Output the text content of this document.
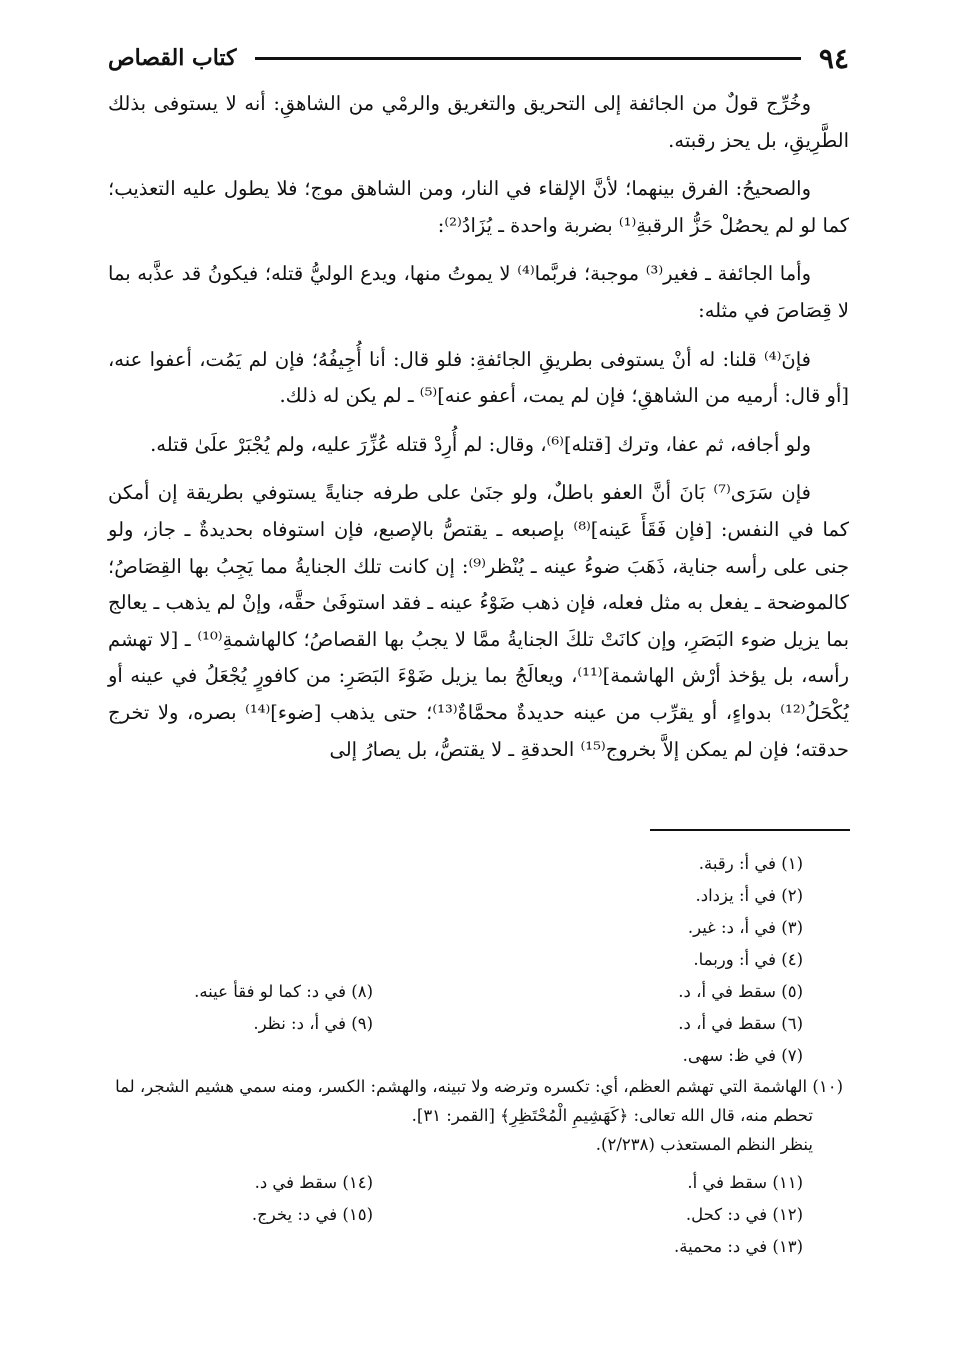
٩٤
كتاب القصاص

وخُرِّج قولٌ من الجائفة إلى التحريق والتغريق والرمْي من الشاهقِ: أنه لا يستوفى بذلك الطَّرِيقِ، بل يحز رقبته.

والصحيحُ: الفرق بينهما؛ لأنَّ الإلقاء في النار، ومن الشاهق موج؛ فلا يطول عليه التعذيب؛ كما لو لم يحصُلْ حَزُّ الرقبةِ⁽¹⁾ بضربة واحدة ـ يُزَادُ⁽²⁾:

وأما الجائفة ـ فغير⁽³⁾ موجبة؛ فربَّما⁽⁴⁾ لا يموتُ منها، ويدع الوليُّ قتله؛ فيكونُ قد عذَّبه بما لا قِصَاصَ في مثله:

فإنَ⁽⁴⁾ قلنا: له أنْ يستوفى بطريقِ الجائفةِ: فلو قال: أنا أُجِيفُهُ؛ فإن لم يَمُت، أعفوا عنه، [أو قال: أرميه من الشاهقِ؛ فإن لم يمت، أعفو عنه]⁽⁵⁾ ـ لم يكن له ذلك.

ولو أجافه، ثم عفا، وترك [قتله]⁽⁶⁾، وقال: لم أُرِدْ قتله عُزِّرَ عليه، ولم يُجْبَرْ علَىٰ قتله.

فإن سَرَى⁽⁷⁾ بَانَ أنَّ العفو باطلٌ، ولو جنَىٰ على طرفه جنايةً يستوفي بطريقة إن أمكن كما في النفس: [فإن فَقَأَ عَينه]⁽⁸⁾ بإصبعه ـ يقتصُّ بالإصبع، فإن استوفاه بحديدةٌ ـ جاز، ولو جنى على رأسه جناية، ذَهَبَ ضوءُ عينه ـ يُنْظر⁽⁹⁾: إن كانت تلك الجنايةُ مما يَجِبُ بها القِصَاصُ؛ كالموضحة ـ يفعل به مثل فعله، فإن ذهب ضَوْءُ عينه ـ فقد استوفَىٰ حقَّه، وإنْ لم يذهب ـ يعالج بما يزيل ضوء البَصَرِ، وإن كانَتْ تلكَ الجنايةُ ممَّا لا يجبُ بها القصاصُ؛ كالهاشمةِ⁽¹⁰⁾ ـ [لا تهشم رأسه، بل يؤخذ أرْش الهاشمة]⁽¹¹⁾، ويعالَجُ بما يزيل ضَوْءَ البَصَرِ: من كافورٍ يُجْعَلُ في عينه أو يُكْحَلُ⁽¹²⁾ بدواءٍ، أو يقرِّب من عينه حديدةٌ محمَّاةٌ⁽¹³⁾؛ حتى يذهب [ضوء]⁽¹⁴⁾ بصره، ولا تخرج حدقته؛ فإن لم يمكن إلاَّ بخروج⁽¹⁵⁾ الحدقةِ ـ لا يقتصُّ، بل يصارُ إلى

(١) في أ: رقبة.
(٢) في أ: يزداد.
(٣) في أ، د: غير.
(٤) في أ: وربما.
(٥) سقط في أ، د.
(٦) سقط في أ، د.
(٧) في ظ: سهى.
(٨) في د: كما لو فقأ عينه.
(٩) في أ، د: نظر.
(١٠) الهاشمة التي تهشم العظم، أي: تكسره وترضه ولا تبينه، والهشم: الكسر، ومنه سمي هشيم الشجر، لما
تحطم منه، قال الله تعالى: ﴿كَهَشِيمِ الْمُحْتَظِرِ﴾ [القمر: ٣١].
ينظر النظم المستعذب (٢/٢٣٨).
(١١) سقط في أ.
(١٢) في د: كحل.
(١٣) في د: محمية.
(١٤) سقط في د.
(١٥) في د: يخرج.
